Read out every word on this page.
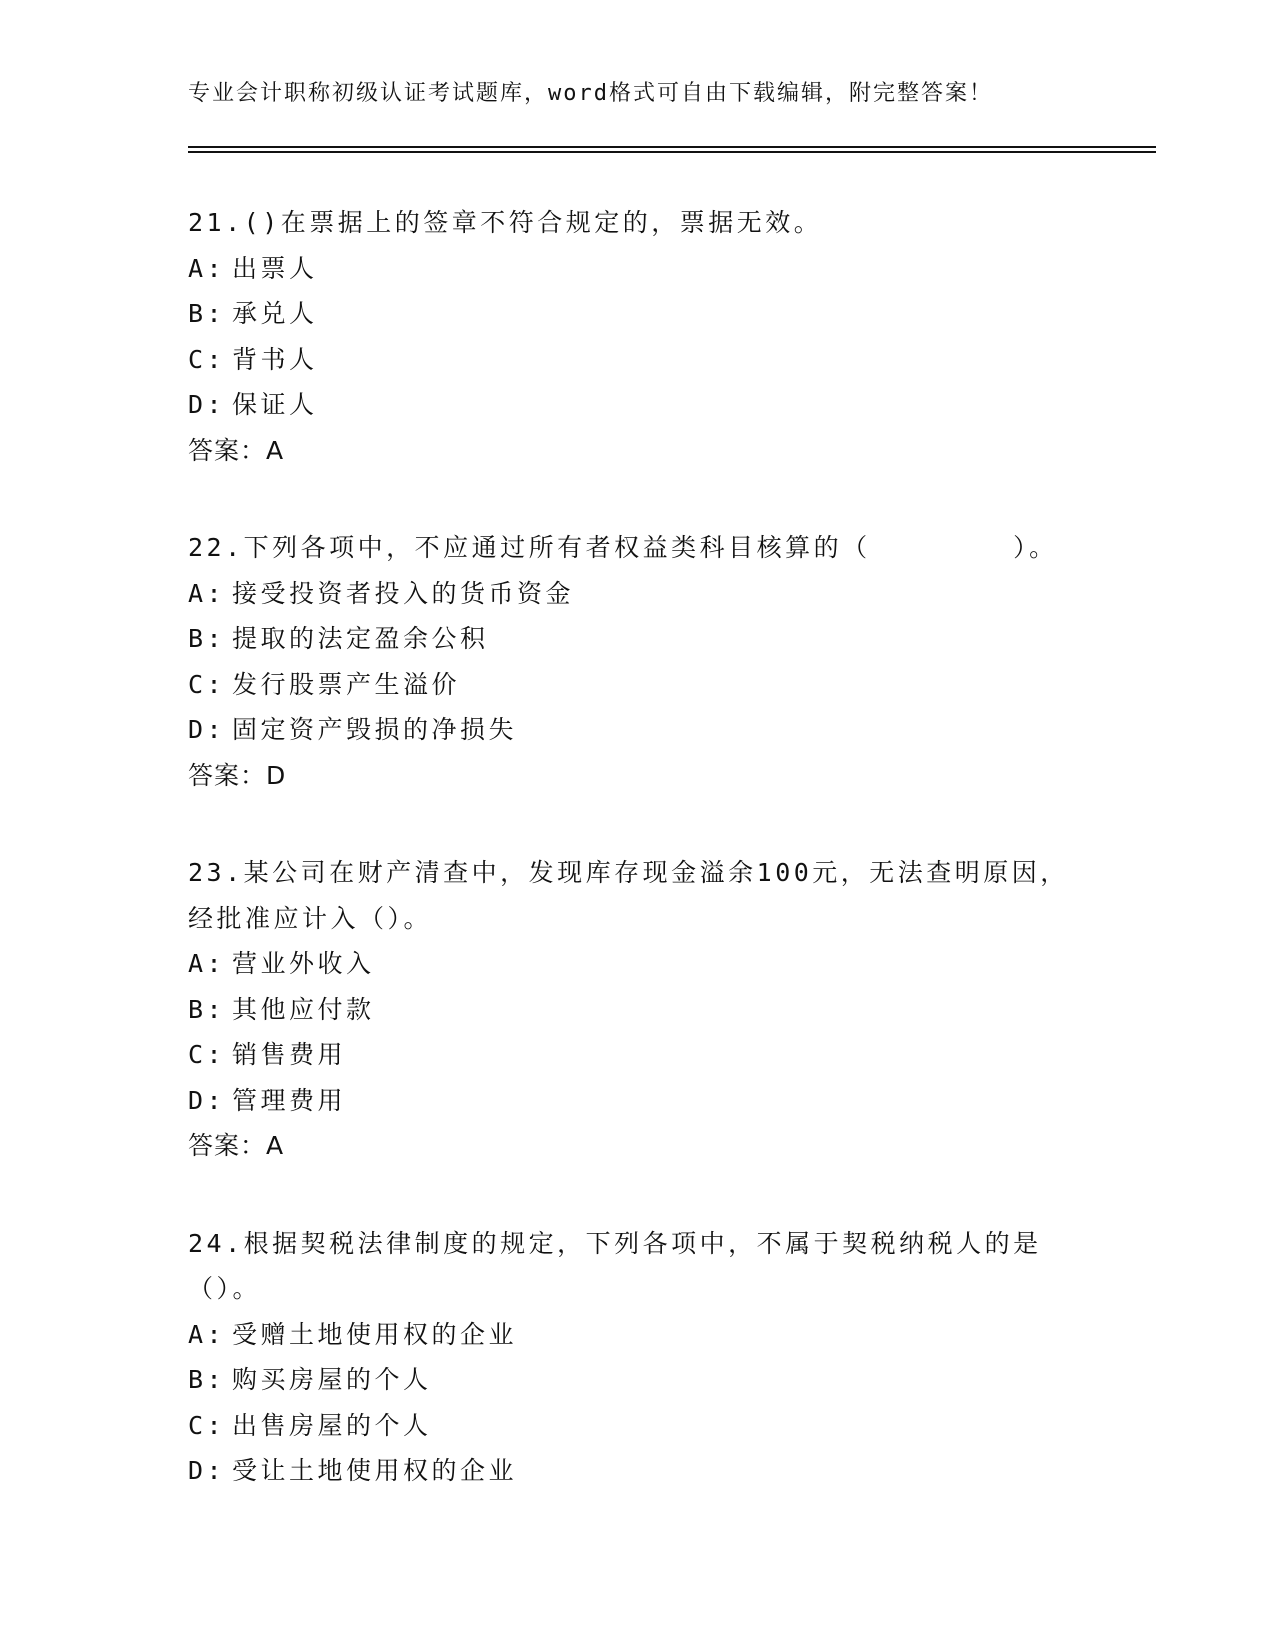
专业会计职称初级认证考试题库，word格式可自由下载编辑，附完整答案！
21.()在票据上的签章不符合规定的，票据无效。
A: 出票人
B: 承兑人
C: 背书人
D: 保证人
答案：A
22.下列各项中，不应通过所有者权益类科目核算的（　　　　　）。
A: 接受投资者投入的货币资金
B: 提取的法定盈余公积
C: 发行股票产生溢价
D: 固定资产毁损的净损失
答案：D
23.某公司在财产清查中，发现库存现金溢余100元，无法查明原因，经批准应计入（）。
A: 营业外收入
B: 其他应付款
C: 销售费用
D: 管理费用
答案：A
24.根据契税法律制度的规定，下列各项中，不属于契税纳税人的是（）。
A: 受赠土地使用权的企业
B: 购买房屋的个人
C: 出售房屋的个人
D: 受让土地使用权的企业
